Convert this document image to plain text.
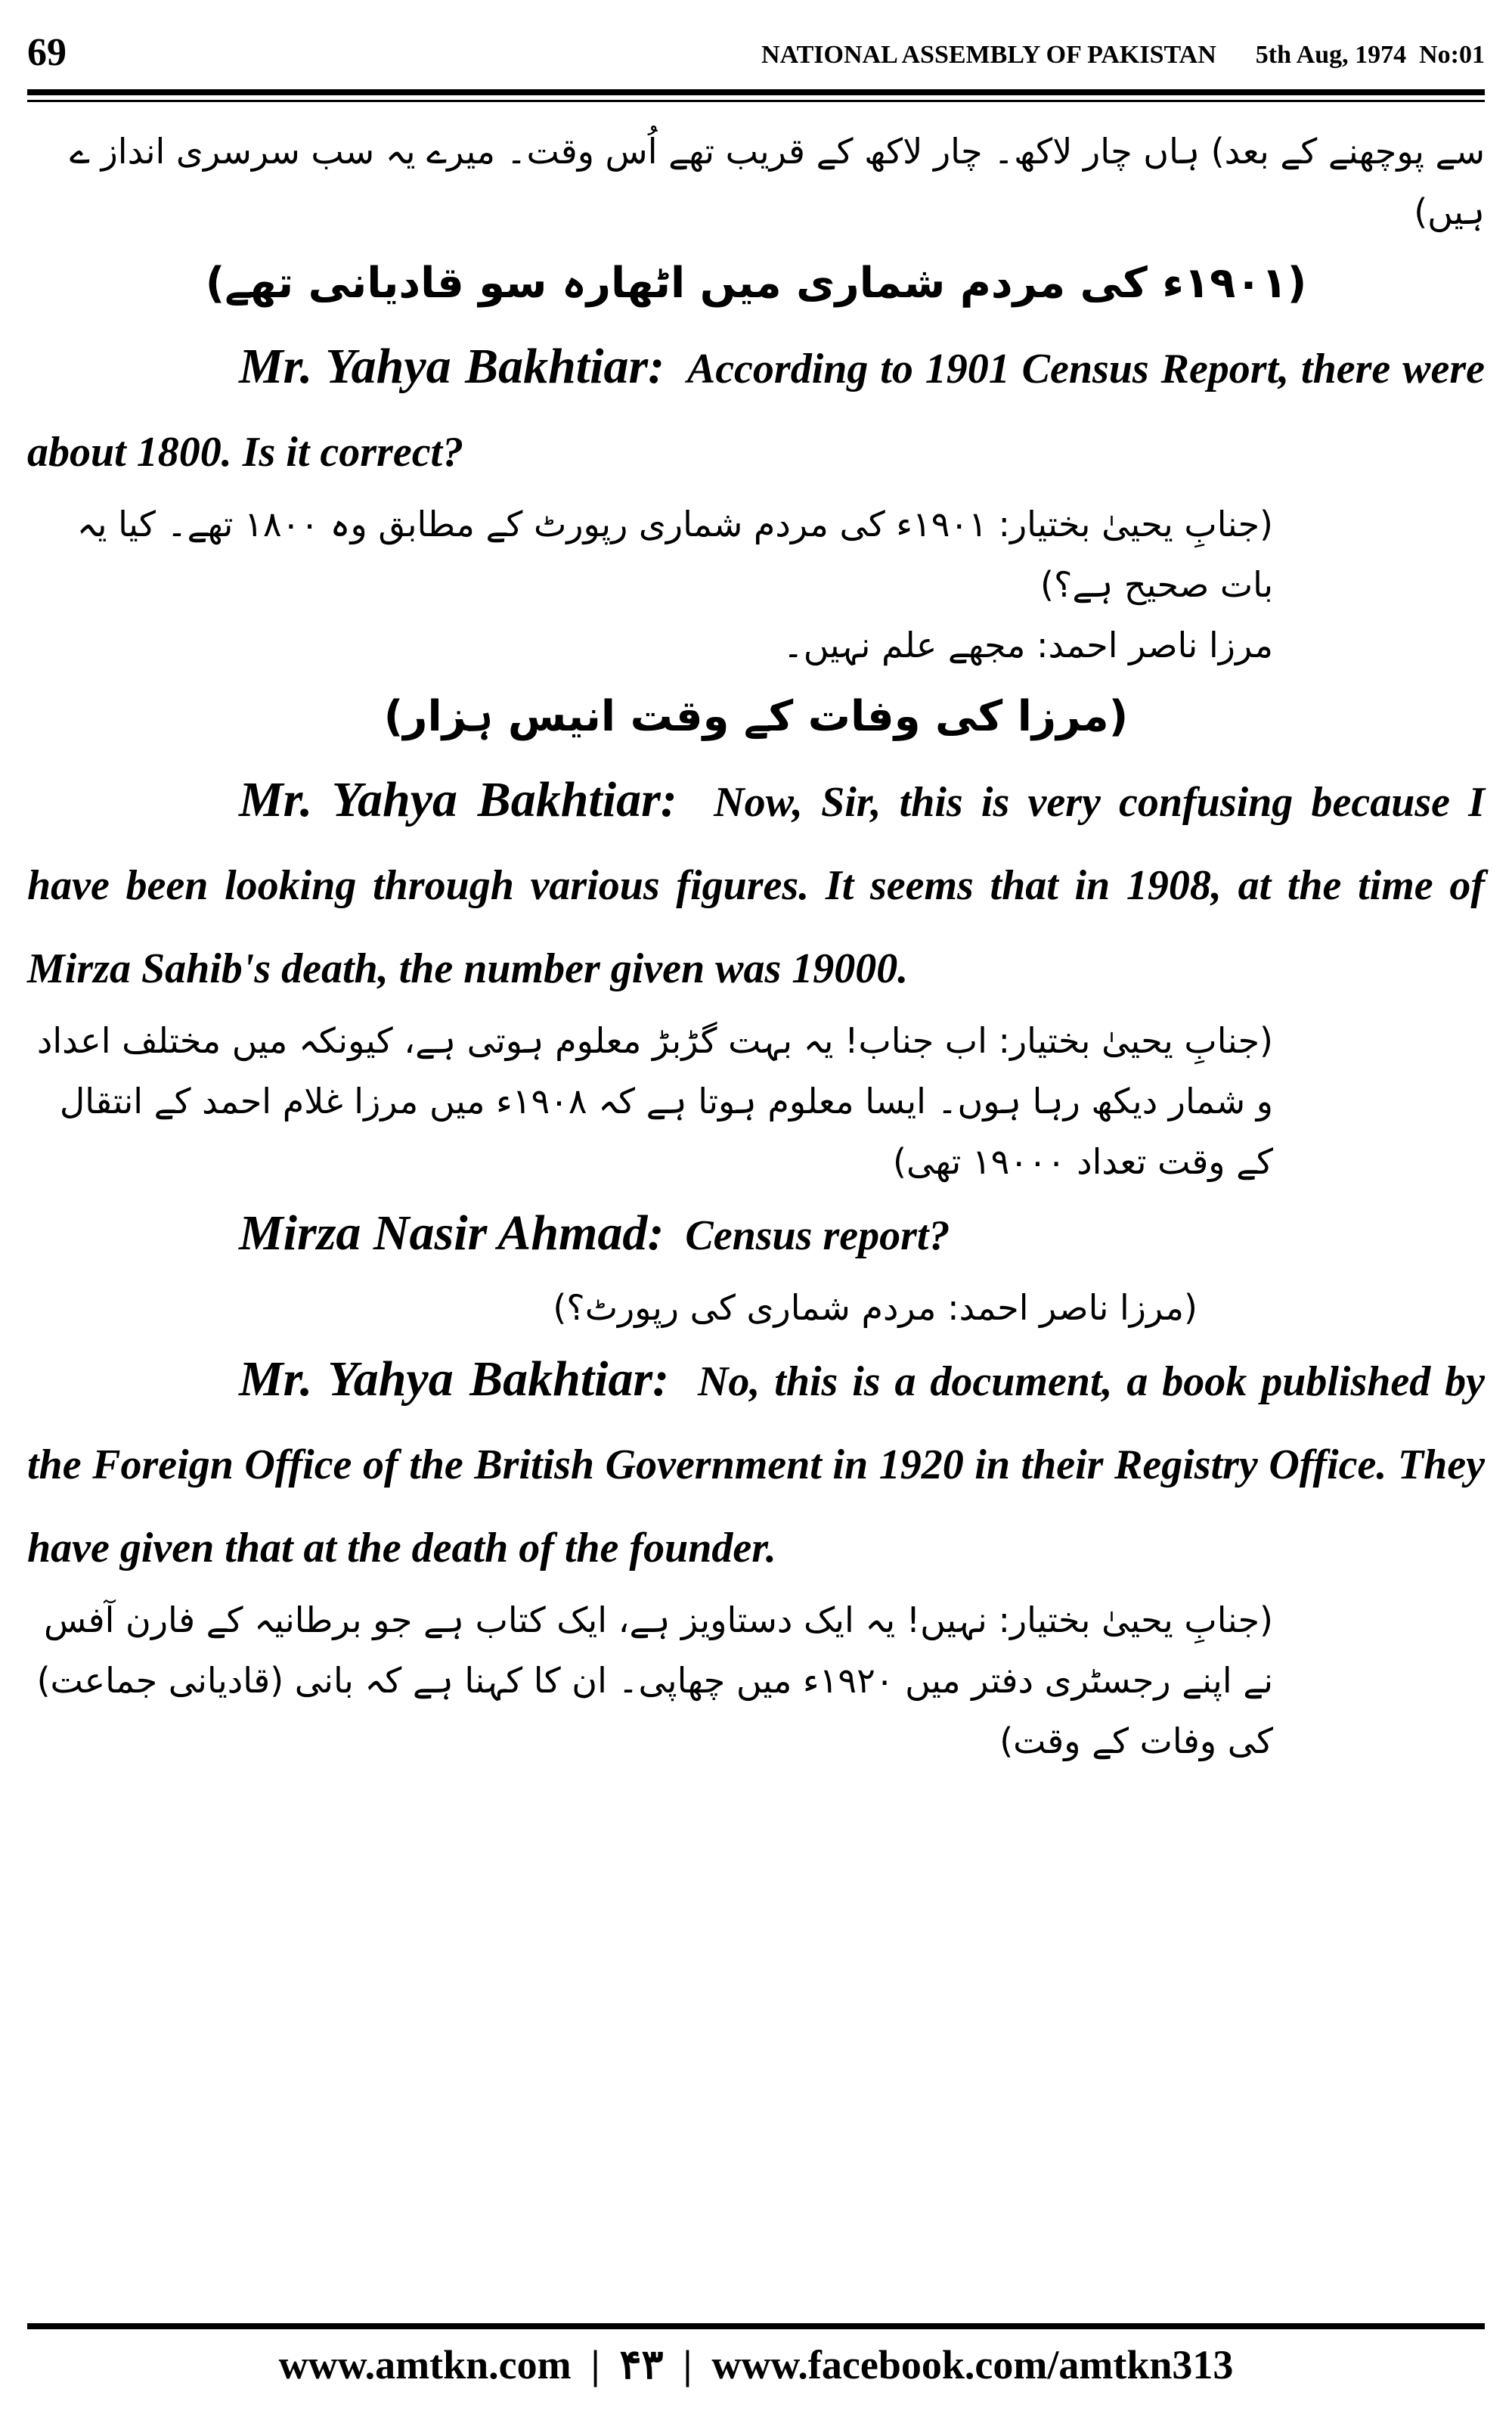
69	NATIONAL ASSEMBLY OF PAKISTAN 5th Aug, 1974 No:01

سے پوچھنے کے بعد) ہاں چار لاکھ۔ چار لاکھ کے قریب تھے اُس وقت۔ میرے یہ سب سرسری انداز ے ہیں)

(۱۹۰۱ء کی مردم شماری میں اٹھارہ سو قادیانی تھے)

Mr. Yahya Bakhtiar: According to 1901 Census Report, there were about 1800. Is it correct?

(جنابِ یحییٰ بختیار: ۱۹۰۱ء کی مردم شماری رپورٹ کے مطابق وہ ۱۸۰۰ تھے۔ کیا یہ بات صحیح ہے؟)

مرزا ناصر احمد: مجھے علم نہیں۔

(مرزا کی وفات کے وقت انیس ہزار)

Mr. Yahya Bakhtiar: Now, Sir, this is very confusing because I have been looking through various figures. It seems that in 1908, at the time of Mirza Sahib's death, the number given was 19000.

(جنابِ یحییٰ بختیار: اب جناب! یہ بہت گڑبڑ معلوم ہوتی ہے، کیونکہ میں مختلف اعداد و شمار دیکھ رہا ہوں۔ ایسا معلوم ہوتا ہے کہ ۱۹۰۸ء میں مرزا غلام احمد کے انتقال کے وقت تعداد ۱۹۰۰۰ تھی)

Mirza Nasir Ahmad: Census report?

(مرزا ناصر احمد: مردم شماری کی رپورٹ؟)

Mr. Yahya Bakhtiar: No, this is a document, a book published by the Foreign Office of the British Government in 1920 in their Registry Office. They have given that at the death of the founder.

(جنابِ یحییٰ بختیار: نہیں! یہ ایک دستاویز ہے، ایک کتاب ہے جو برطانیہ کے فارن آفس نے اپنے رجسٹری دفتر میں ۱۹۲۰ء میں چھاپی۔ ان کا کہنا ہے کہ بانی (قادیانی جماعت) کی وفات کے وقت)

www.amtkn.com | ۴۳ | www.facebook.com/amtkn313
